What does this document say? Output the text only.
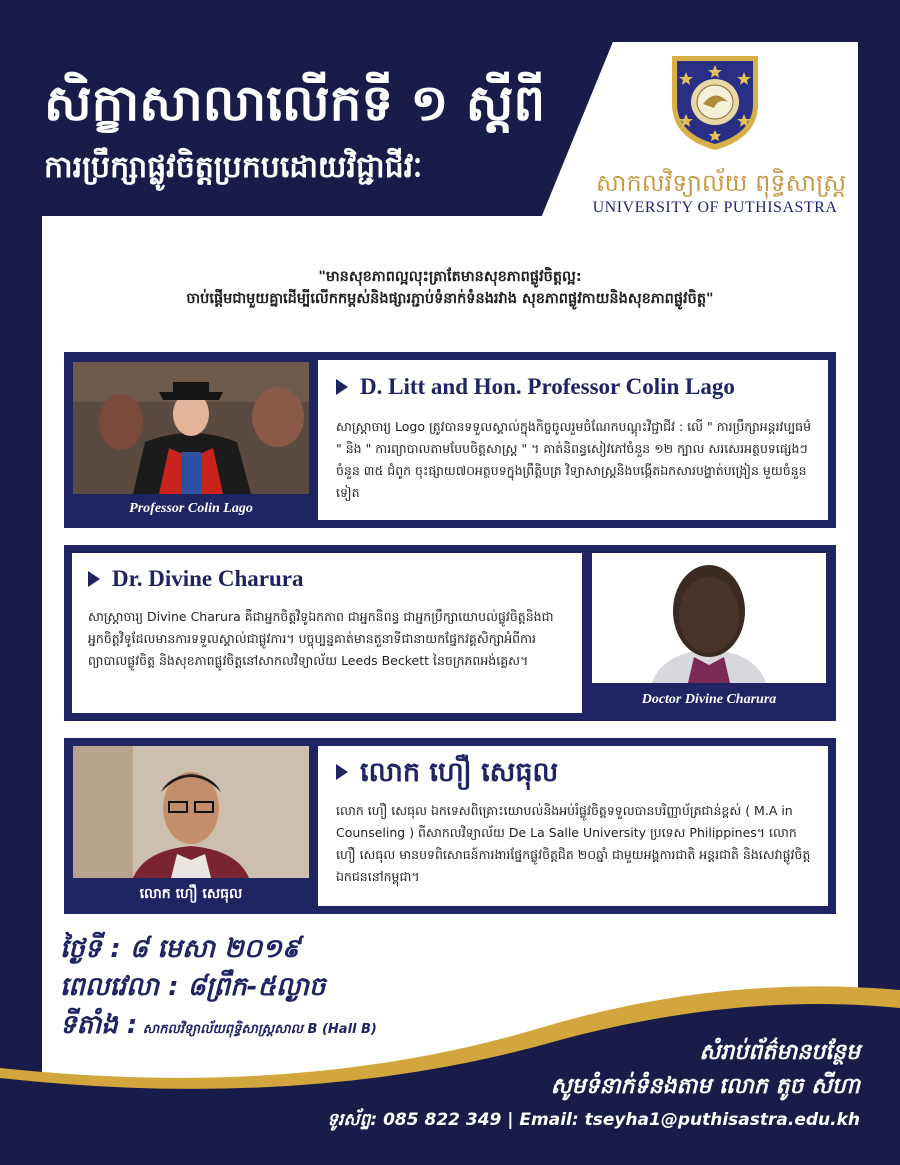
សិក្ខាសាលាលើកទី ១ ស្តីពី
ការប្រឹក្សាផ្លូវចិត្តប្រកបដោយវិជ្ជាជីវៈ	សាកលវិទ្យាល័យ ពុទ្ធិសាស្ត្រ
UNIVERSITY OF PUTHISASTRA
"មានសុខភាពល្អលុះត្រាតែមានសុខភាពផ្លូវចិត្តល្អ:
ចាប់ផ្តើមជាមួយគ្នាដើម្បីលើកកម្ពស់និងផ្សារភ្ជាប់ទំនាក់ទំនងរវាង សុខភាពផ្លូវកាយនិងសុខភាពផ្លូវចិត្ត"
Professor Colin Lago
D. Litt and Hon. Professor Colin Lago
សាស្ត្រាចារ្យ Logo ត្រូវបានទទួលស្គាល់ក្នុងកិច្ចចូលរួមចំណែកបណ្តុះវិជ្ជាជីវ : លើ " ការប្រឹក្សាអន្តរវប្បធម៌ " និង " ការព្យាបាលតាមបែបចិត្តសាស្ត្រ " ។ គាត់និពន្ធសៀវភៅចំនួន ១២ ក្បាល សរសេរអត្ថបទផ្សេងៗ ចំនួន ៣៥ ជំពូក ចុះផ្សាយ៧០អត្ថបទក្នុងព្រឹត្តិបត្រ វិទ្យាសាស្ត្រនិងបង្កើតឯកសារបង្ហាត់បង្រៀន មួយចំនួនទៀត
Dr. Divine Charura
សាស្ត្រាចារ្យ Divine Charura គឺជាអ្នកចិត្តវិទូឯកភាព ជាអ្នកនិពន្ធ ជាអ្នកប្រឹក្សាយោបល់ផ្លូវចិត្តនិងជាអ្នកចិត្តវិទូដែលមានការទទួលស្គាល់ជាផ្លូវការ។ បច្ចុប្បន្នគាត់មានតួនាទីជានាយកផ្នែកវគ្គសិក្សាអំពីការព្យាបាលផ្លូវចិត្ត និងសុខភាពផ្លូវចិត្តនៅសាកលវិទ្យាល័យ Leeds Beckett នៃចក្រភពអង់គ្លេស។
Doctor Divine Charura
លោក ហឿ សេធុល
លោក ហឿ សេធុល
លោក ហឿ សេធុល ឯកទេសពិគ្រោះយោបល់និងអប់រំផ្លូវចិត្តទទួលបានបរិញ្ញាប័ត្រជាន់ខ្ពស់ ( M.A in Counseling ) ពីសាកលវិទ្យាល័យ De La Salle University ប្រទេស Philippines។ លោក ហឿ សេធុល មានបទពិសោធន៍ការងារផ្នែកផ្លូវចិត្តជិត ២០ឆ្នាំ ជាមួយអង្គការជាតិ អន្តរជាតិ និងសេវាផ្លូវចិត្តឯកជននៅកម្ពុជា។
ថ្ងៃទី : ៨ មេសា ២០១៩
ពេលវេលា : ៨ព្រឹក-៥ល្ងាច
ទីតាំង : សាកលវិទ្យាល័យពុទ្ធិសាស្ត្រសាល B (Hall B)
សំរាប់ព័ត៌មានបន្ថែម
សូមទំនាក់ទំនងតាម លោក តូច សីហា
ទូរស័ព្ទ: 085 822 349 | Email: tseyha1@puthisastra.edu.kh
